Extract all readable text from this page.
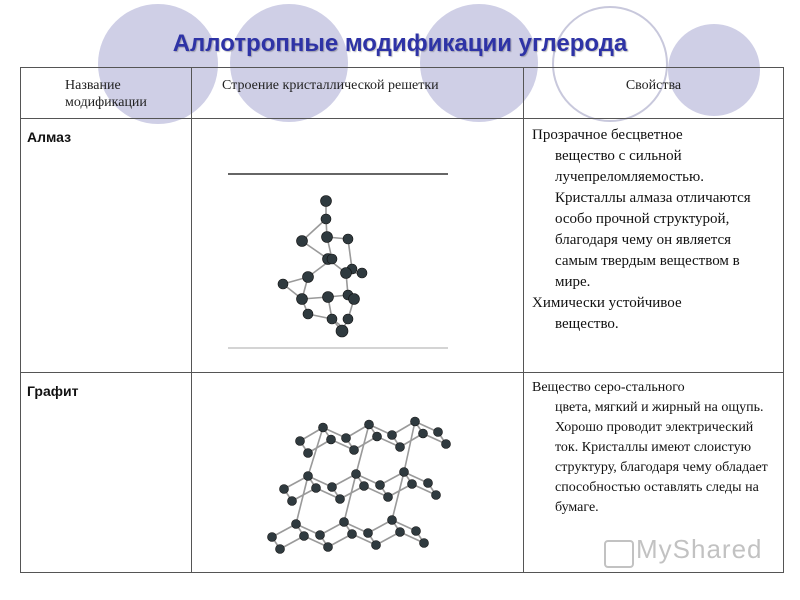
Аллотропные модификации углерода
Название модификации	Строение кристаллической решетки	Свойства

Алмаз		Прозрачное бесцветное

вещество с сильной лучепреломляемостью. Кристаллы алмаза отличаются особо прочной структурой, благодаря чему он является самым твердым веществом в мире.

Химически устойчивое

вещество.

Графит		Вещество серо-стального

цвета, мягкий и жирный на ощупь. Хорошо проводит электрический ток. Кристаллы имеют слоистую структуру, благодаря чему обладает способностью оставлять следы на бумаге.

MyShared
